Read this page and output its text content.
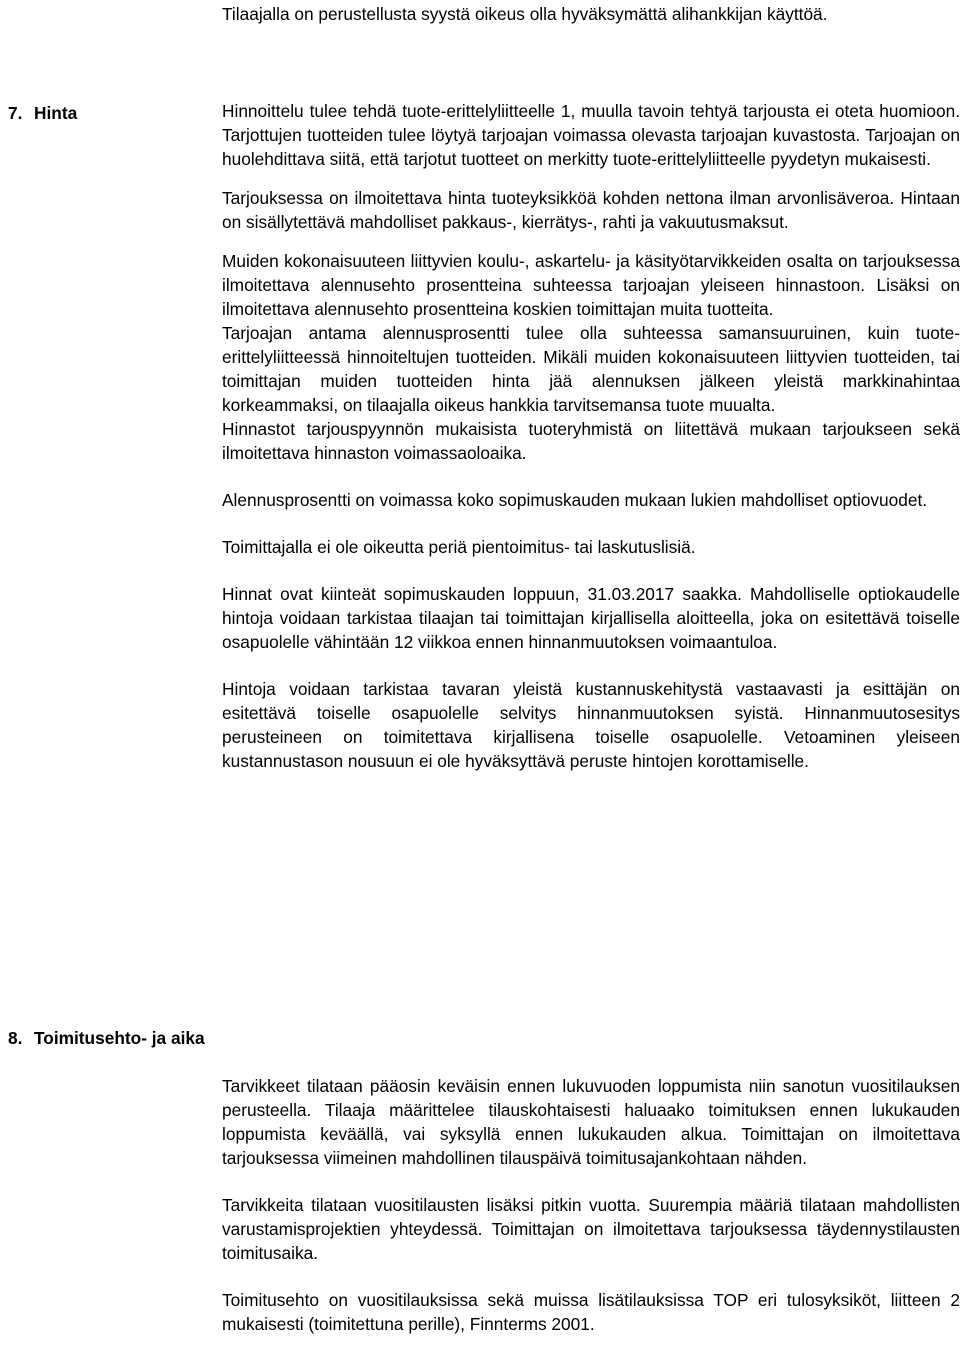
Tilaajalla on perustellusta syystä oikeus olla hyväksymättä alihankkijan käyttöä.

7. Hinta	Hinnoittelu tulee tehdä tuote-erittelyliitteelle 1, muulla tavoin tehtyä tarjousta ei oteta huomioon. Tarjottujen tuotteiden tulee löytyä tarjoajan voimassa olevasta tarjoajan kuvastosta. Tarjoajan on huolehdittava siitä, että tarjotut tuotteet on merkitty tuote-erittelyliitteelle pyydetyn mukaisesti.

Tarjouksessa on ilmoitettava hinta tuoteyksikköä kohden nettona ilman arvonlisäveroa. Hintaan on sisällytettävä mahdolliset pakkaus-, kierrätys-, rahti ja vakuutusmaksut.

Muiden kokonaisuuteen liittyvien koulu-, askartelu- ja käsityötarvikkeiden osalta on tarjouksessa ilmoitettava alennusehto prosentteina suhteessa tarjoajan yleiseen hinnastoon. Lisäksi on ilmoitettava alennusehto prosentteina koskien toimittajan muita tuotteita.

Tarjoajan antama alennusprosentti tulee olla suhteessa samansuuruinen, kuin tuote-erittelyliitteessä hinnoiteltujen tuotteiden. Mikäli muiden kokonaisuuteen liittyvien tuotteiden, tai toimittajan muiden tuotteiden hinta jää alennuksen jälkeen yleistä markkinahintaa korkeammaksi, on tilaajalla oikeus hankkia tarvitsemansa tuote muualta.

Hinnastot tarjouspyynnön mukaisista tuoteryhmistä on liitettävä mukaan tarjoukseen sekä ilmoitettava hinnaston voimassaoloaika.

Alennusprosentti on voimassa koko sopimuskauden mukaan lukien mahdolliset optiovuodet.

Toimittajalla ei ole oikeutta periä pientoimitus- tai laskutuslisiä.

Hinnat ovat kiinteät sopimuskauden loppuun, 31.03.2017 saakka. Mahdolliselle optiokaudelle hintoja voidaan tarkistaa tilaajan tai toimittajan kirjallisella aloitteella, joka on esitettävä toiselle osapuolelle vähintään 12 viikkoa ennen hinnanmuutoksen voimaantuloa.

Hintoja voidaan tarkistaa tavaran yleistä kustannuskehitystä vastaavasti ja esittäjän on esitettävä toiselle osapuolelle selvitys hinnanmuutoksen syistä. Hinnanmuutosesitys perusteineen on toimitettava kirjallisena toiselle osapuolelle. Vetoaminen yleiseen kustannustason nousuun ei ole hyväksyttävä peruste hintojen korottamiselle.

8. Toimitusehto- ja aika

Tarvikkeet tilataan pääosin keväisin ennen lukuvuoden loppumista niin sanotun vuositilauksen perusteella. Tilaaja määrittelee tilauskohtaisesti haluaako toimituksen ennen lukukauden loppumista keväällä, vai syksyllä ennen lukukauden alkua. Toimittajan on ilmoitettava tarjouksessa viimeinen mahdollinen tilauspäivä toimitusajankohtaan nähden.

Tarvikkeita tilataan vuositilausten lisäksi pitkin vuotta. Suurempia määriä tilataan mahdollisten varustamisprojektien yhteydessä. Toimittajan on ilmoitettava tarjouksessa täydennystilausten toimitusaika.

Toimitusehto on vuositilauksissa sekä muissa lisätilauksissa TOP eri tulosyksiköt, liitteen 2 mukaisesti (toimitettuna perille), Finnterms 2001.
